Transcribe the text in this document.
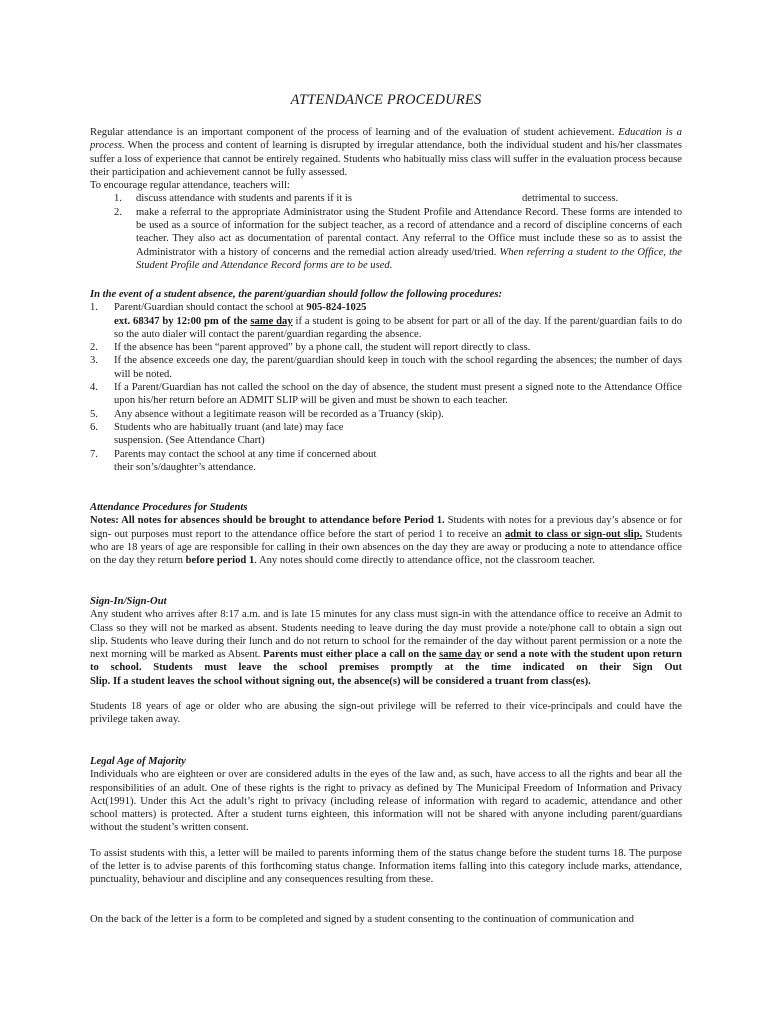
ATTENDANCE PROCEDURES

Regular attendance is an important component of the process of learning and of the evaluation of student achievement. Education is a process. When the process and content of learning is disrupted by irregular attendance, both the individual student and his/her classmates suffer a loss of experience that cannot be entirely regained. Students who habitually miss class will suffer in the evaluation process because their participation and achievement cannot be fully assessed.

To encourage regular attendance, teachers will:

1. discuss attendance with students and parents if it is	detrimental to success.
2. make a referral to the appropriate Administrator using the Student Profile and Attendance Record. These forms are intended to be used as a source of information for the subject teacher, as a record of attendance and a record of discipline concerns of each teacher. They also act as documentation of parental contact. Any referral to the Office must include these so as to assist the Administrator with a history of concerns and the remedial action already used/tried. When referring a student to the Office, the Student Profile and Attendance Record forms are to be used.

In the event of a student absence, the parent/guardian should follow the following procedures:

1. Parent/Guardian should contact the school at 905-824-1025
ext. 68347 by 12:00 pm of the same day if a student is going to be absent for part or all of the day. If the parent/guardian fails to do so the auto dialer will contact the parent/guardian regarding the absence.
2. If the absence has been “parent approved” by a phone call, the student will report directly to class.
3. If the absence exceeds one day, the parent/guardian should keep in touch with the school regarding the absences; the number of days will be noted.
4. If a Parent/Guardian has not called the school on the day of absence, the student must present a signed note to the Attendance Office upon his/her return before an ADMIT SLIP will be given and must be shown to each teacher.
5. Any absence without a legitimate reason will be recorded as a Truancy (skip).
6. Students who are habitually truant (and late) may face
suspension. (See Attendance Chart)
7. Parents may contact the school at any time if concerned about
their son’s/daughter’s attendance.

Attendance Procedures for Students

Notes: All notes for absences should be brought to attendance before Period 1. Students with notes for a previous day’s absence or for sign- out purposes must report to the attendance office before the start of period 1 to receive an admit to class or sign-out slip. Students who are 18 years of age are responsible for calling in their own absences on the day they are away or producing a note to attendance office on the day they return before period 1. Any notes should come directly to attendance office, not the classroom teacher.

Sign-In/Sign-Out

Any student who arrives after 8:17 a.m. and is late 15 minutes for any class must sign-in with the attendance office to receive an Admit to Class so they will not be marked as absent. Students needing to leave during the day must provide a note/phone call to obtain a sign out slip. Students who leave during their lunch and do not return to school for the remainder of the day without parent permission or a note the next morning will be marked as Absent. Parents must either place a call on the same day or send a note with the student upon return to school. Students must leave the school premises promptly at the time indicated on their Sign Out

Slip. If a student leaves the school without signing out, the absence(s) will be considered a truant from class(es).

Students 18 years of age or older who are abusing the sign-out privilege will be referred to their vice-principals and could have the privilege taken away.

Legal Age of Majority

Individuals who are eighteen or over are considered adults in the eyes of the law and, as such, have access to all the rights and bear all the responsibilities of an adult. One of these rights is the right to privacy as defined by The Municipal Freedom of Information and Privacy Act(1991). Under this Act the adult’s right to privacy (including release of information with regard to academic, attendance and other school matters) is protected. After a student turns eighteen, this information will not be shared with anyone including parent/guardians without the student’s written consent.

To assist students with this, a letter will be mailed to parents informing them of the status change before the student turns 18. The purpose of the letter is to advise parents of this forthcoming status change. Information items falling into this category include marks, attendance, punctuality, behaviour and discipline and any consequences resulting from these.

On the back of the letter is a form to be completed and signed by a student consenting to the continuation of communication and
